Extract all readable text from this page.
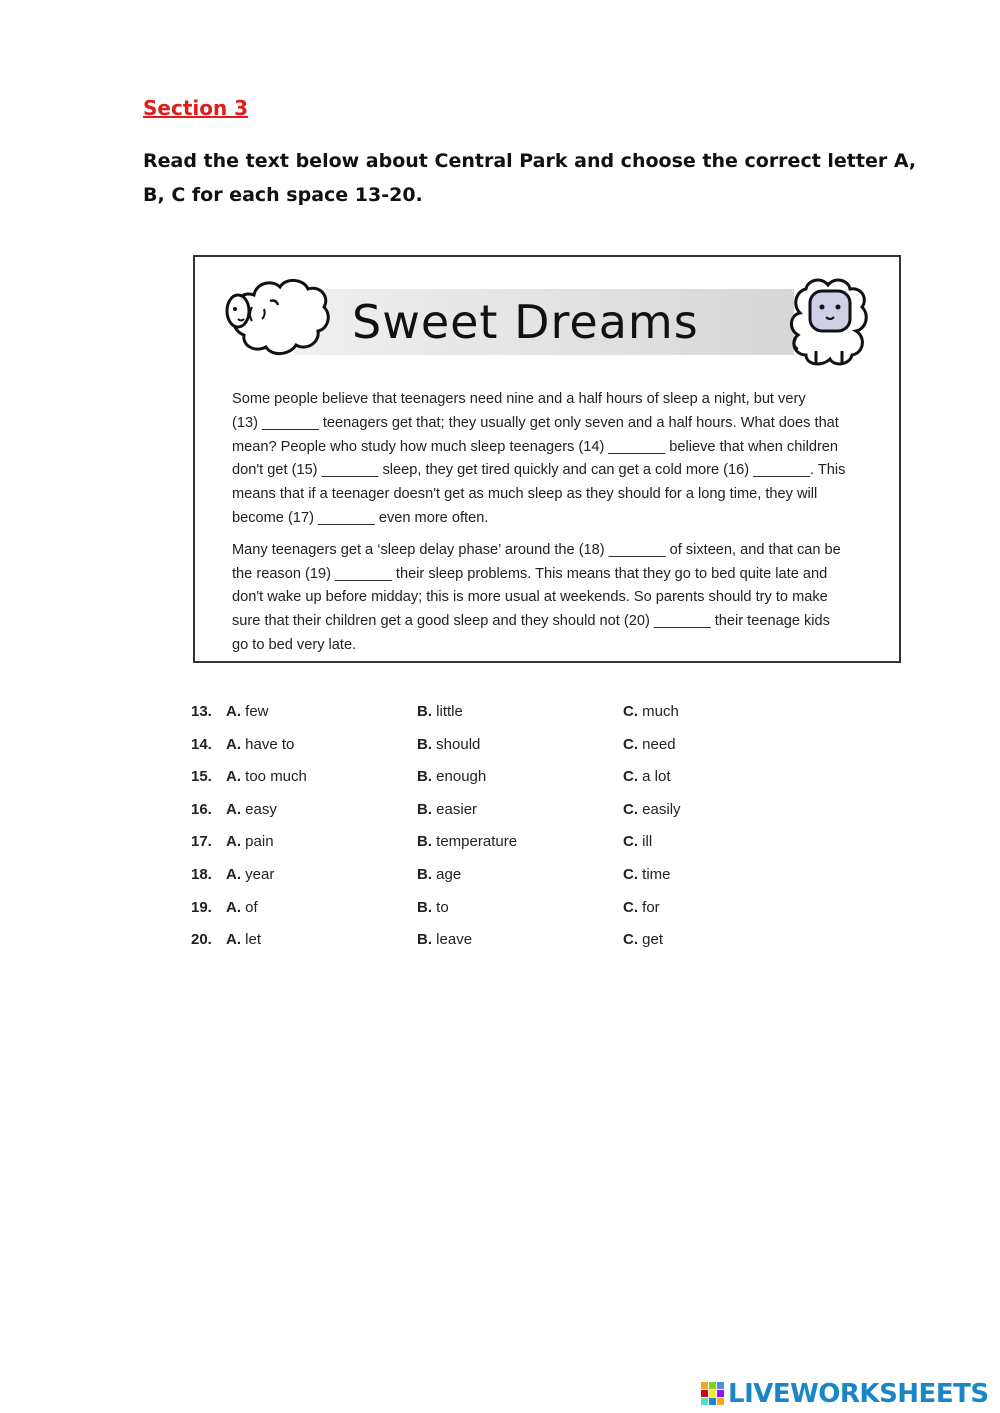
Section 3
Read the text below about Central Park and choose the correct letter A, B, C for each space 13-20.
Sweet Dreams

Some people believe that teenagers need nine and a half hours of sleep a night, but very
(13) _______ teenagers get that; they usually get only seven and a half hours. What does that
mean? People who study how much sleep teenagers (14) _______ believe that when children
don't get (15) _______ sleep, they get tired quickly and can get a cold more (16) _______. This
means that if a teenager doesn't get as much sleep as they should for a long time, they will
become (17) _______ even more often.

Many teenagers get a ‘sleep delay phase’ around the (18) _______ of sixteen, and that can be
the reason (19) _______ their sleep problems. This means that they go to bed quite late and
don't wake up before midday; this is more usual at weekends. So parents should try to make
sure that their children get a good sleep and they should not (20) _______ their teenage kids
go to bed very late.

13. A. few	B. little	C. much
14. A. have to	B. should	C. need
15. A. too much	B. enough	C. a lot
16. A. easy	B. easier	C. easily
17. A. pain	B. temperature	C. ill
18. A. year	B. age	C. time
19. A. of	B. to	C. for
20. A. let	B. leave	C. get
LIVEWORKSHEETS
